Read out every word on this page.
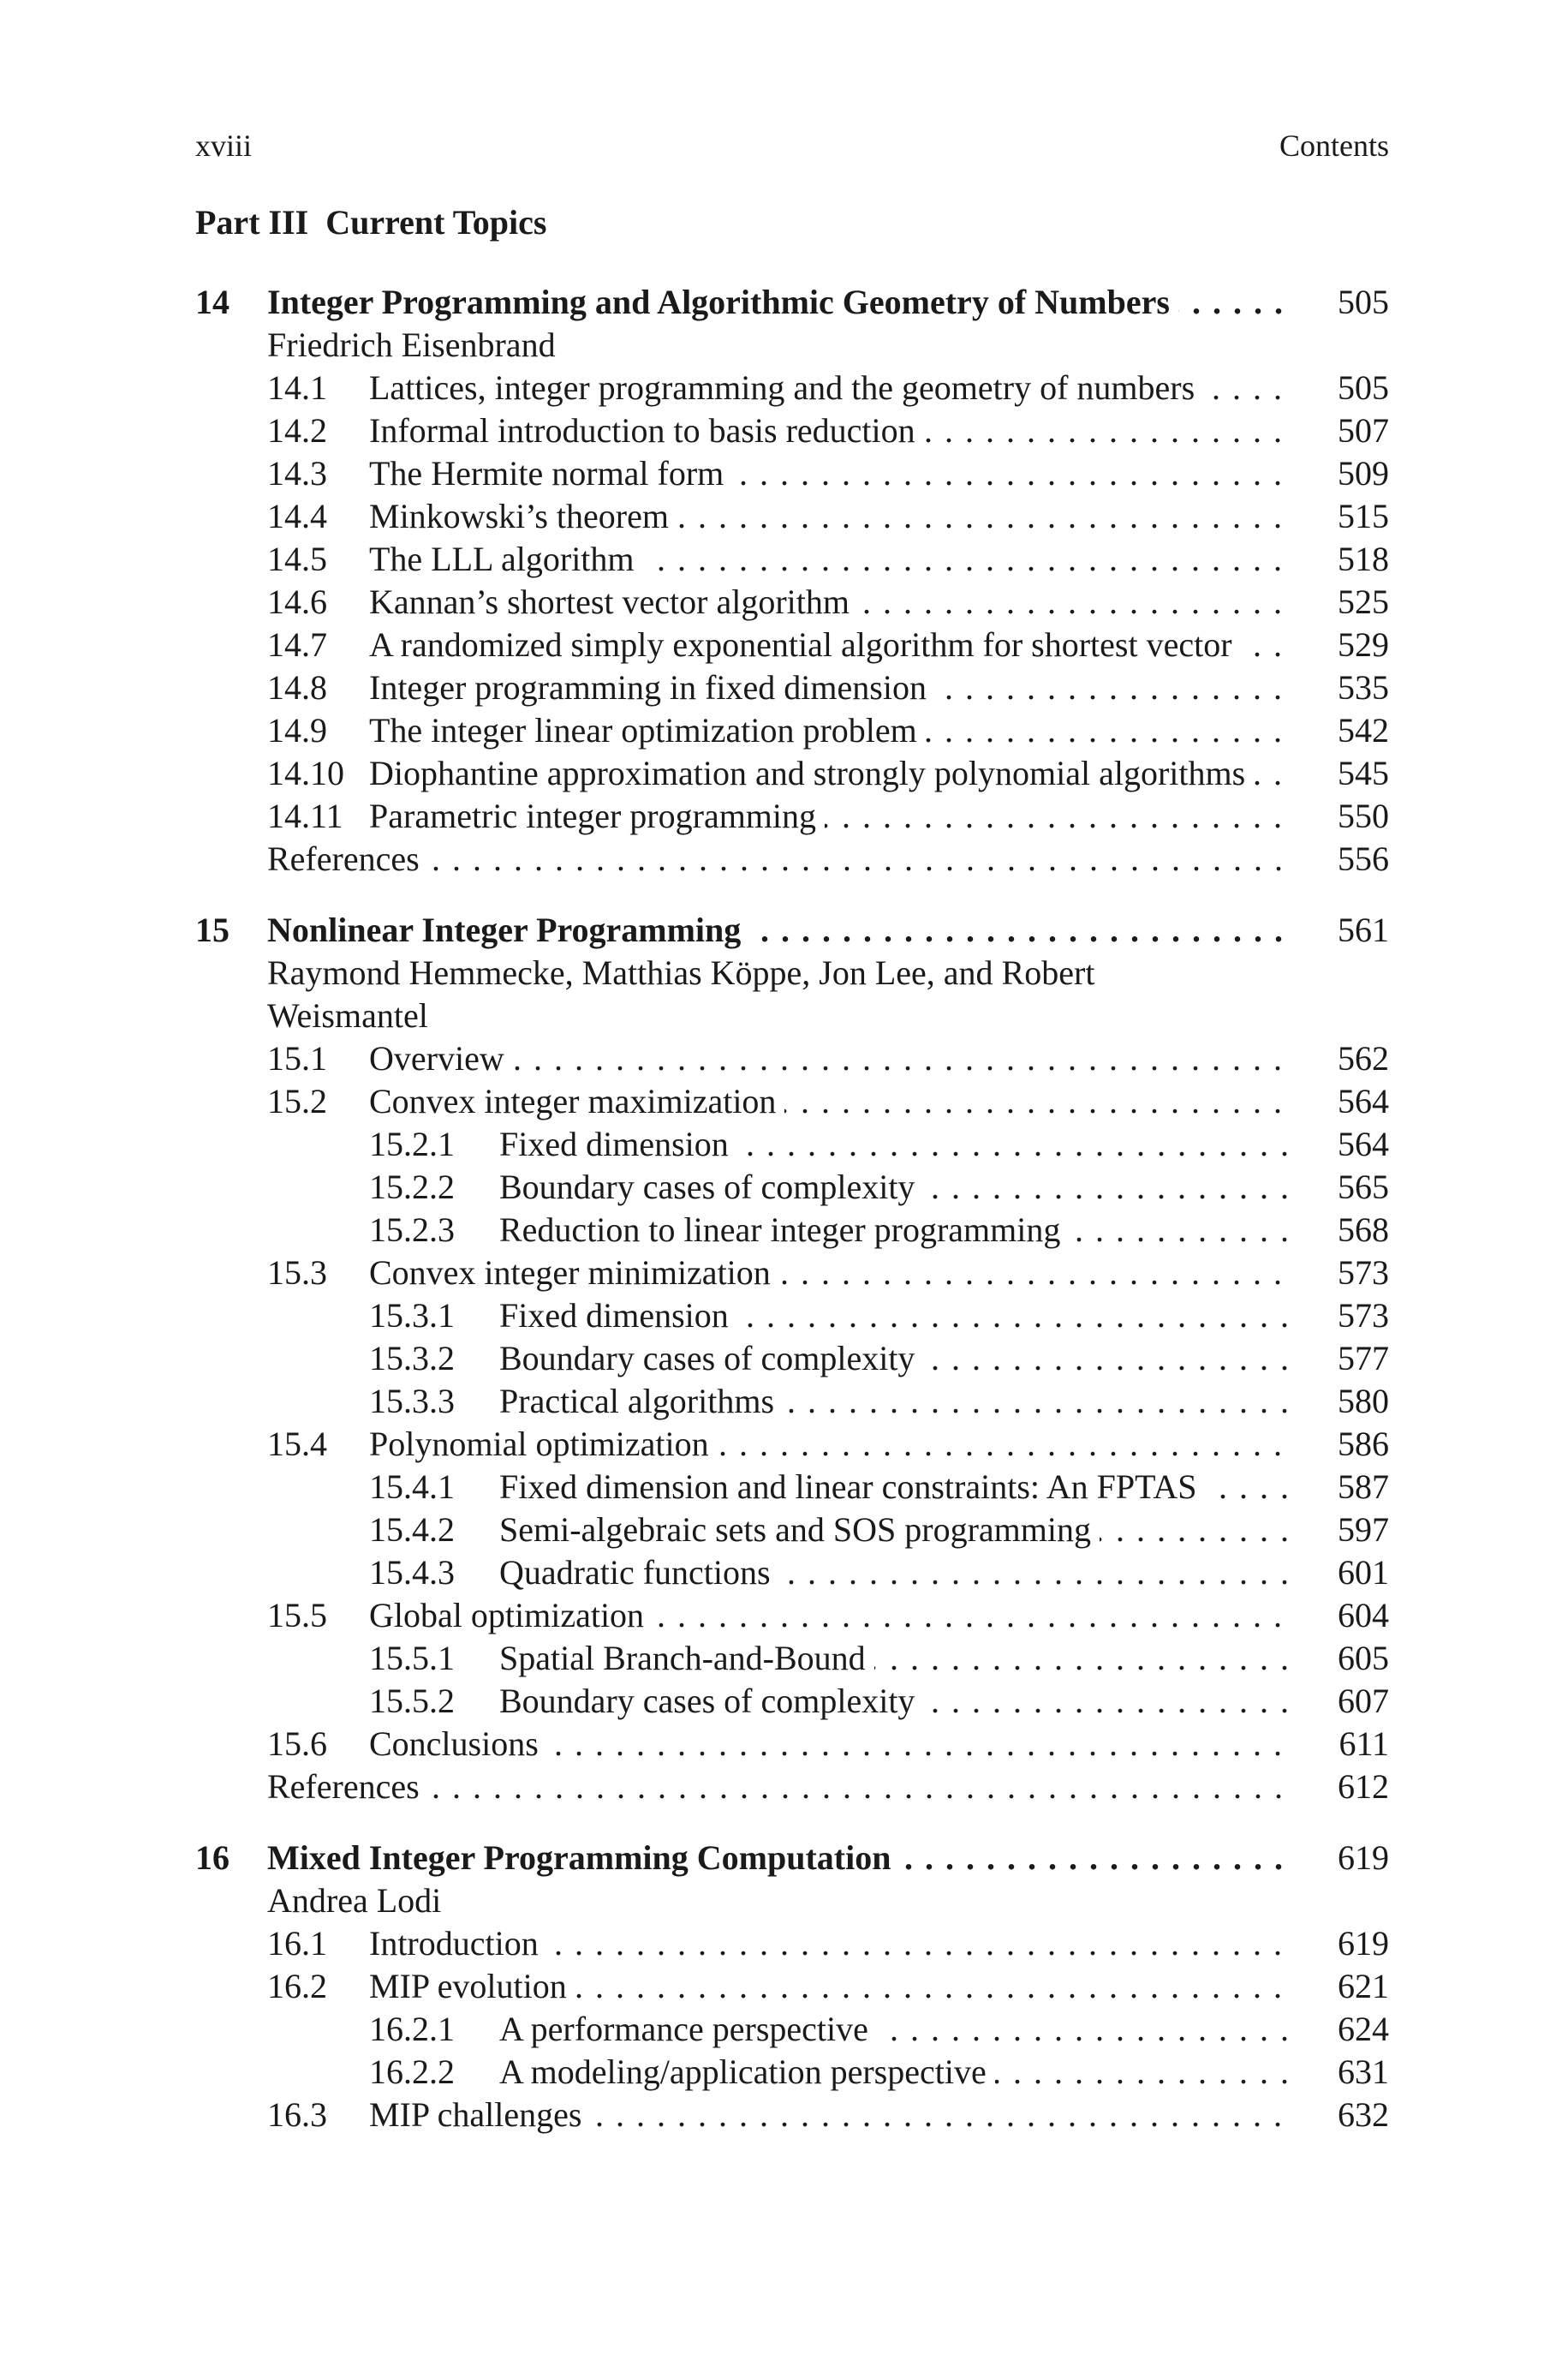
xviii	Contents
Part III Current Topics
14 Integer Programming and Algorithmic Geometry of Numbers . . .	505
Friedrich Eisenbrand
14.1 Lattices, integer programming and the geometry of numbers . . .	505
14.2 Informal introduction to basis reduction . . .	507
14.3 The Hermite normal form . . .	509
14.4 Minkowski’s theorem . . .	515
14.5 The LLL algorithm . . .	518
14.6 Kannan’s shortest vector algorithm . . .	525
14.7 A randomized simply exponential algorithm for shortest vector . . .	529
14.8 Integer programming in fixed dimension . . .	535
14.9 The integer linear optimization problem . . .	542
14.10 Diophantine approximation and strongly polynomial algorithms . . .	545
14.11 Parametric integer programming . . .	550
References . . .	556
15 Nonlinear Integer Programming . . .	561
Raymond Hemmecke, Matthias Köppe, Jon Lee, and Robert Weismantel
15.1 Overview . . .	562
15.2 Convex integer maximization . . .	564
15.2.1 Fixed dimension . . .	564
15.2.2 Boundary cases of complexity . . .	565
15.2.3 Reduction to linear integer programming . . .	568
15.3 Convex integer minimization . . .	573
15.3.1 Fixed dimension . . .	573
15.3.2 Boundary cases of complexity . . .	577
15.3.3 Practical algorithms . . .	580
15.4 Polynomial optimization . . .	586
15.4.1 Fixed dimension and linear constraints: An FPTAS . . .	587
15.4.2 Semi-algebraic sets and SOS programming . . .	597
15.4.3 Quadratic functions . . .	601
15.5 Global optimization . . .	604
15.5.1 Spatial Branch-and-Bound . . .	605
15.5.2 Boundary cases of complexity . . .	607
15.6 Conclusions . . .	611
References . . .	612
16 Mixed Integer Programming Computation . . .	619
Andrea Lodi
16.1 Introduction . . .	619
16.2 MIP evolution . . .	621
16.2.1 A performance perspective . . .	624
16.2.2 A modeling/application perspective . . .	631
16.3 MIP challenges . . .	632
